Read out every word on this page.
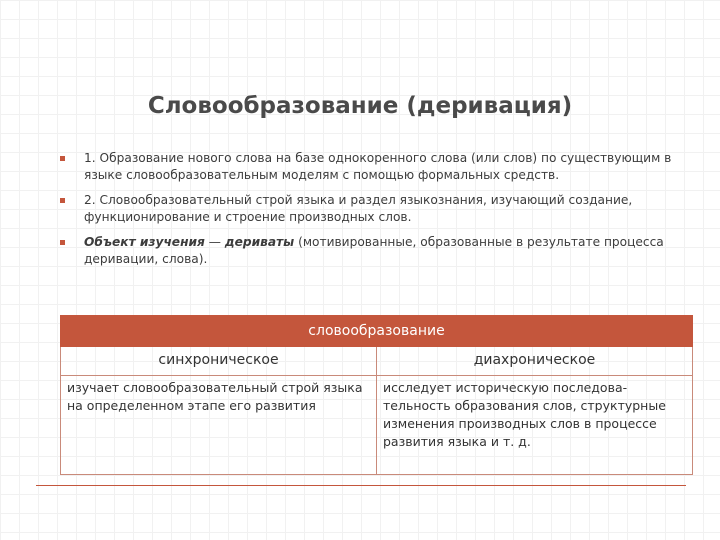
Словообразование (деривация)
1. Образование нового слова на базе однокоренного слова (или слов) по существующим в языке словообразовательным моделям с помощью формальных средств.
2. Словообразовательный строй языка и раздел языкознания, изучающий создание, функционирование и строение производных слов.
Объект изучения — дериваты (мотивированные, образованные в результате процесса деривации, слова).
словообразование	
синхроническое	диахроническое
изучает словообразовательный строй языка на определенном этапе его развития	исследует историческую последова-тельность образования слов, структурные изменения производных слов в процессе развития языка и т. д.
